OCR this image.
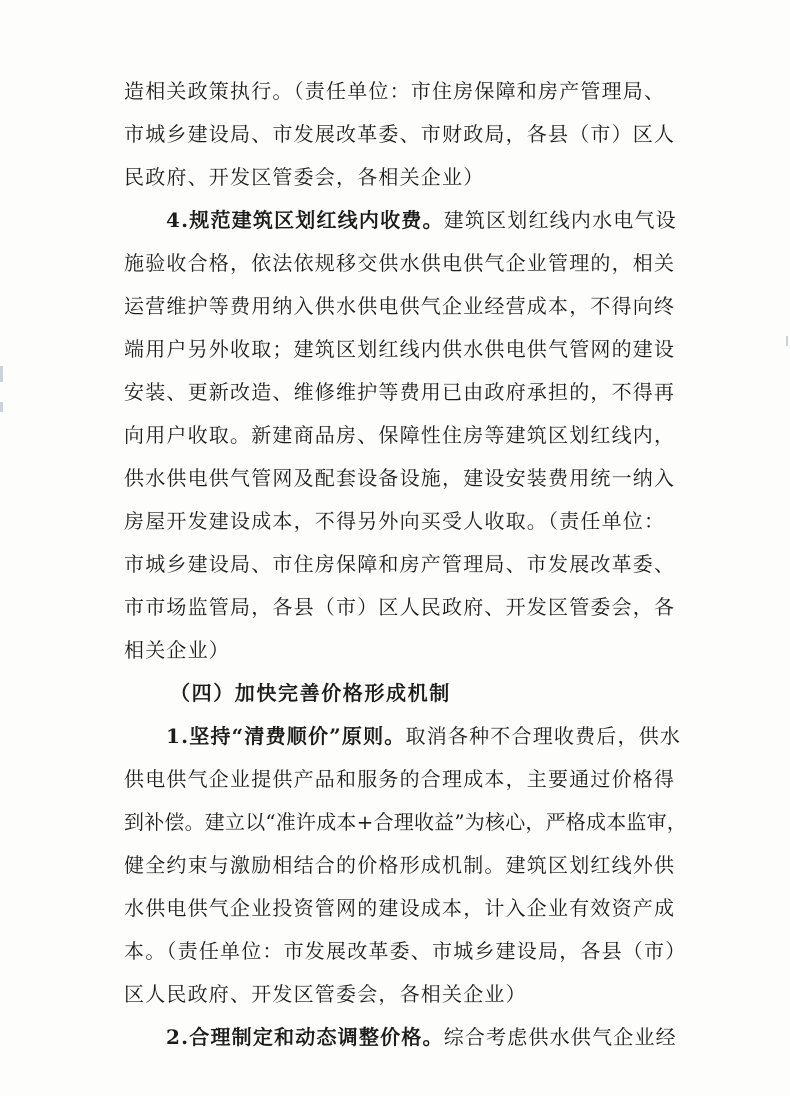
造相关政策执行。（责任单位：市住房保障和房产管理局、
市城乡建设局、市发展改革委、市财政局，各县（市）区人
民政府、开发区管委会，各相关企业）
4.规范建筑区划红线内收费。建筑区划红线内水电气设
施验收合格，依法依规移交供水供电供气企业管理的，相关
运营维护等费用纳入供水供电供气企业经营成本，不得向终
端用户另外收取；建筑区划红线内供水供电供气管网的建设
安装、更新改造、维修维护等费用已由政府承担的，不得再
向用户收取。新建商品房、保障性住房等建筑区划红线内，
供水供电供气管网及配套设备设施，建设安装费用统一纳入
房屋开发建设成本，不得另外向买受人收取。（责任单位：
市城乡建设局、市住房保障和房产管理局、市发展改革委、
市市场监管局，各县（市）区人民政府、开发区管委会，各
相关企业）
（四）加快完善价格形成机制
1.坚持“清费顺价”原则。取消各种不合理收费后，供水
供电供气企业提供产品和服务的合理成本，主要通过价格得
到补偿。建立以“准许成本+合理收益”为核心，严格成本监审，
健全约束与激励相结合的价格形成机制。建筑区划红线外供
水供电供气企业投资管网的建设成本，计入企业有效资产成
本。（责任单位：市发展改革委、市城乡建设局，各县（市）
区人民政府、开发区管委会，各相关企业）
2.合理制定和动态调整价格。综合考虑供水供气企业经
